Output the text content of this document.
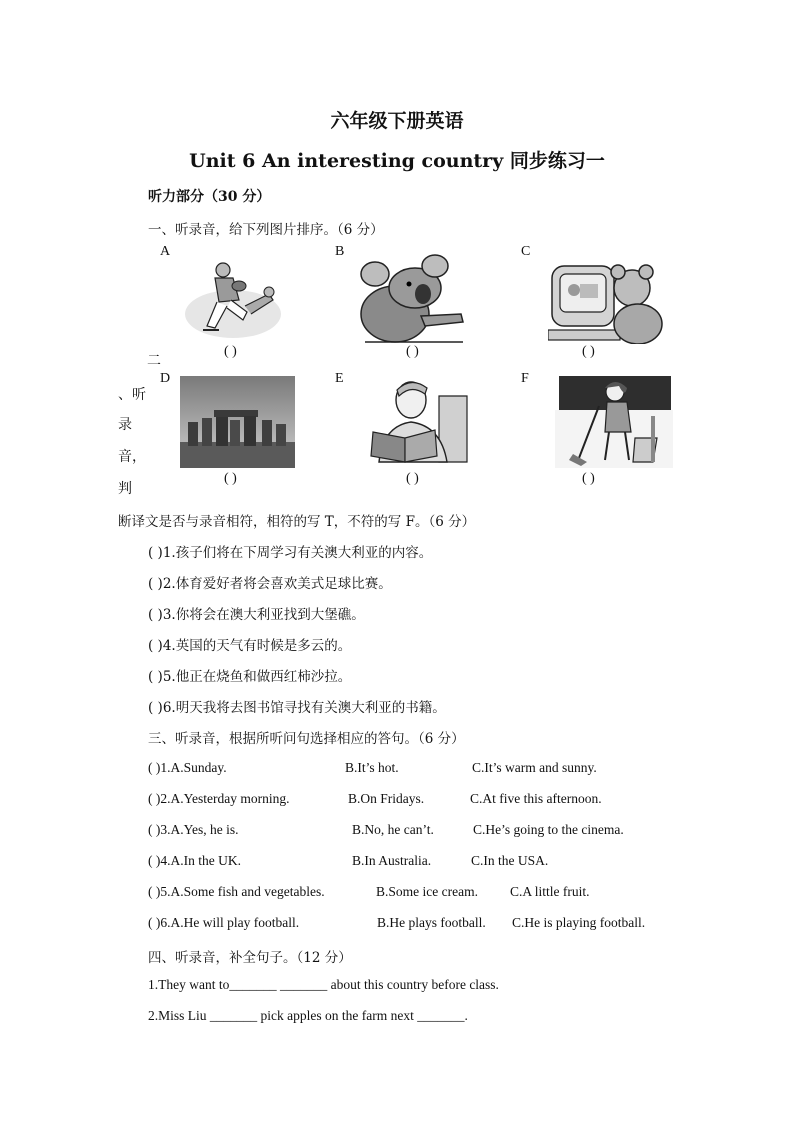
六年级下册英语
Unit 6 An interesting country 同步练习一
听力部分（30 分）
一、听录音，给下列图片排序。（6 分）
A	B	C
( )	( )	( )
二
、听
录
音，
判
D	E	F
( )	( )	( )
断译文是否与录音相符，相符的写 T，不符的写 F。（6 分）
( )1.孩子们将在下周学习有关澳大利亚的内容。
( )2.体育爱好者将会喜欢美式足球比赛。
( )3.你将会在澳大利亚找到大堡礁。
( )4.英国的天气有时候是多云的。
( )5.他正在烧鱼和做西红柿沙拉。
( )6.明天我将去图书馆寻找有关澳大利亚的书籍。
三、听录音，根据所听问句选择相应的答句。（6 分）
( )1.A.Sunday.	B.It’s hot.	C.It’s warm and sunny.
( )2.A.Yesterday morning.	B.On Fridays.	C.At five this afternoon.
( )3.A.Yes, he is.	B.No, he can’t.	C.He’s going to the cinema.
( )4.A.In the UK.	B.In Australia.	C.In the USA.
( )5.A.Some fish and vegetables.	B.Some ice cream. C.A little fruit.
( )6.A.He will play football.	B.He plays football. C.He is playing football.
四、听录音，补全句子。（12 分）
1.They want to_______ _______ about this country before class.
2.Miss Liu _______ pick apples on the farm next _______.
